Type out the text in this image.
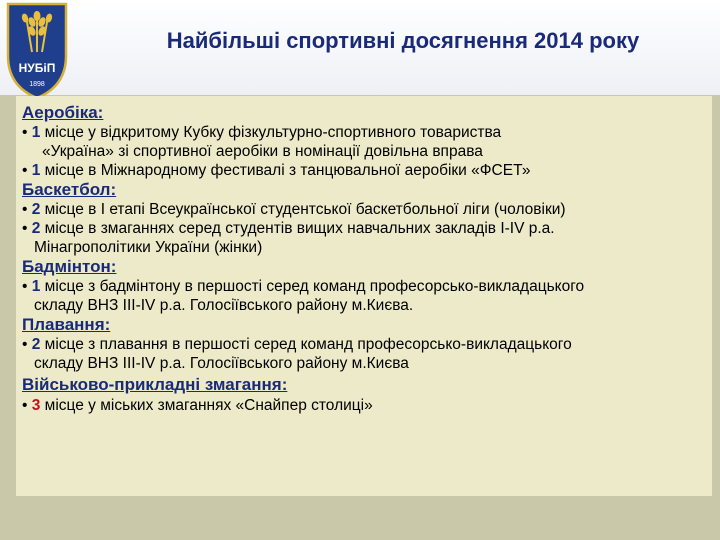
НУБіП
1898
Найбільші спортивні досягнення 2014 року
Аеробіка:
• 1 місце у відкритому Кубку фізкультурно-спортивного товариства
«Україна» зі спортивної аеробіки в номінації довільна вправа
• 1 місце в Міжнародному фестивалі з танцювальної аеробіки «ФСЕТ»
Баскетбол:
• 2 місце в І етапі Всеукраїнської студентської баскетбольної ліги (чоловіки)
• 2 місце в змаганнях серед студентів вищих навчальних закладів І-IV р.а.
Мінагрополітики України (жінки)
Бадмінтон:
• 1 місце з бадмінтону в першості серед команд професорсько-викладацького
складу ВНЗ III-IV р.а. Голосіївського району м.Києва.
Плавання:
• 2 місце з плавання в першості серед команд професорсько-викладацького
складу ВНЗ III-IV р.а. Голосіївського району м.Києва
Військово-прикладні змагання:
• 3 місце у міських змаганнях «Снайпер столиці»
